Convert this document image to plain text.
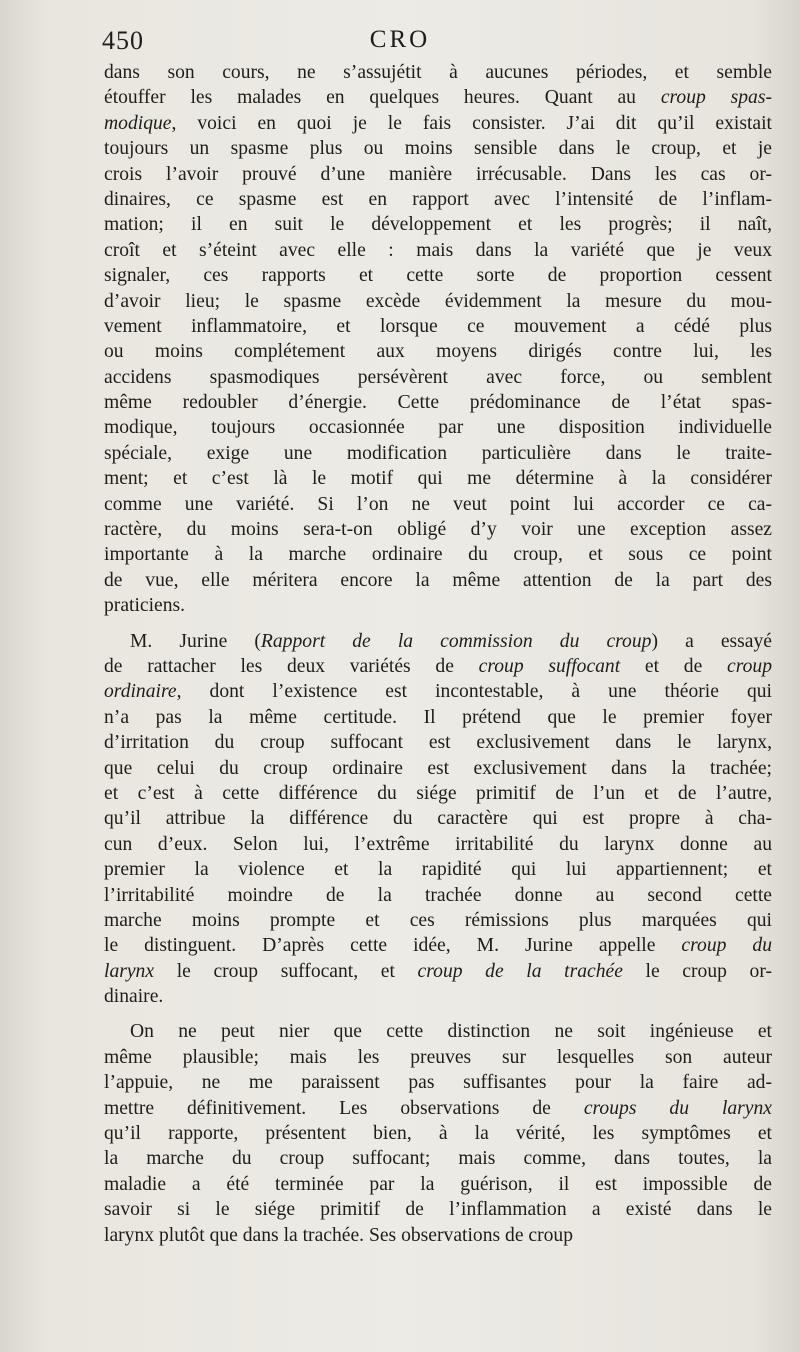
450	CRO
dans son cours, ne s’assujétit à aucunes périodes, et semble
étouffer les malades en quelques heures. Quant au croup spas-
modique, voici en quoi je le fais consister. J’ai dit qu’il existait
toujours un spasme plus ou moins sensible dans le croup, et je
crois l’avoir prouvé d’une manière irrécusable. Dans les cas or-
dinaires, ce spasme est en rapport avec l’intensité de l’inflam-
mation; il en suit le développement et les progrès; il naît,
croît et s’éteint avec elle : mais dans la variété que je veux
signaler, ces rapports et cette sorte de proportion cessent
d’avoir lieu; le spasme excède évidemment la mesure du mou-
vement inflammatoire, et lorsque ce mouvement a cédé plus
ou moins complétement aux moyens dirigés contre lui, les
accidens spasmodiques persévèrent avec force, ou semblent
même redoubler d’énergie. Cette prédominance de l’état spas-
modique, toujours occasionnée par une disposition individuelle
spéciale, exige une modification particulière dans le traite-
ment; et c’est là le motif qui me détermine à la considérer
comme une variété. Si l’on ne veut point lui accorder ce ca-
ractère, du moins sera-t-on obligé d’y voir une exception assez
importante à la marche ordinaire du croup, et sous ce point
de vue, elle méritera encore la même attention de la part des
praticiens.
M. Jurine (Rapport de la commission du croup) a essayé
de rattacher les deux variétés de croup suffocant et de croup
ordinaire, dont l’existence est incontestable, à une théorie qui
n’a pas la même certitude. Il prétend que le premier foyer
d’irritation du croup suffocant est exclusivement dans le larynx,
que celui du croup ordinaire est exclusivement dans la trachée;
et c’est à cette différence du siége primitif de l’un et de l’autre,
qu’il attribue la différence du caractère qui est propre à cha-
cun d’eux. Selon lui, l’extrême irritabilité du larynx donne au
premier la violence et la rapidité qui lui appartiennent; et
l’irritabilité moindre de la trachée donne au second cette
marche moins prompte et ces rémissions plus marquées qui
le distinguent. D’après cette idée, M. Jurine appelle croup du
larynx le croup suffocant, et croup de la trachée le croup or-
dinaire.
On ne peut nier que cette distinction ne soit ingénieuse et
même plausible; mais les preuves sur lesquelles son auteur
l’appuie, ne me paraissent pas suffisantes pour la faire ad-
mettre définitivement. Les observations de croups du larynx
qu’il rapporte, présentent bien, à la vérité, les symptômes et
la marche du croup suffocant; mais comme, dans toutes, la
maladie a été terminée par la guérison, il est impossible de
savoir si le siége primitif de l’inflammation a existé dans le
larynx plutôt que dans la trachée. Ses observations de croup
